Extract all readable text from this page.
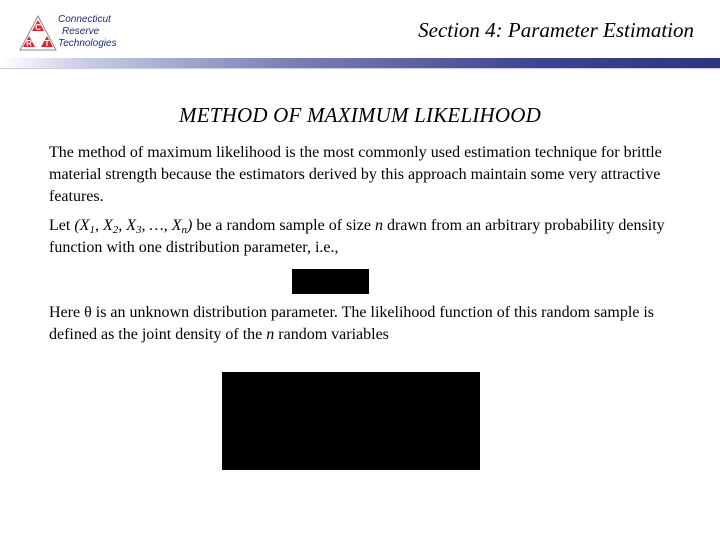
C
R T
Connecticut
Reserve
Technologies
Section 4: Parameter Estimation
METHOD OF MAXIMUM LIKELIHOOD
The method of maximum likelihood is the most commonly used estimation technique for brittle material strength because the estimators derived by this approach maintain some very attractive features.
Let ($X_1$, $X_2$, $X_3$, …, $X_n$) be a random sample of size n drawn from an arbitrary probability density function with one distribution parameter, i.e.,
Here θ is an unknown distribution parameter. The likelihood function of this random sample is defined as the joint density of the n random variables
